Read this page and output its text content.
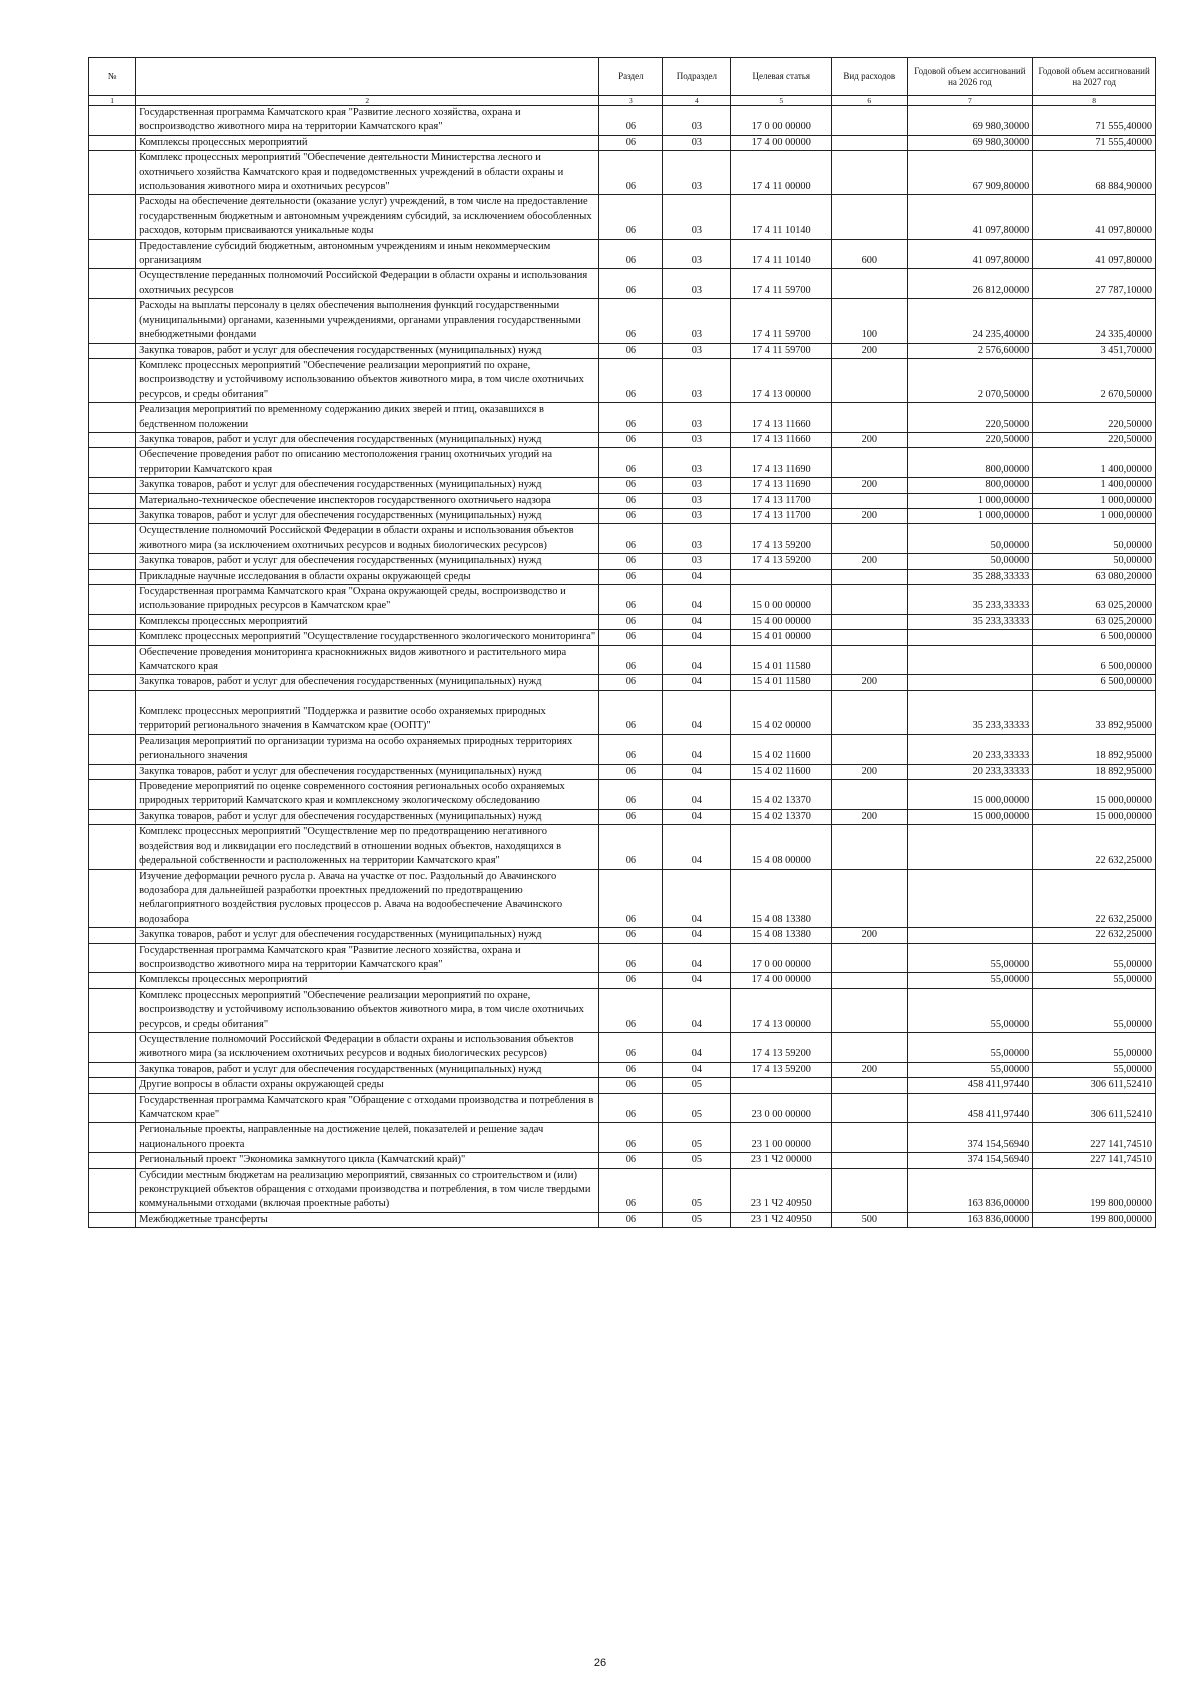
№		Раздел	Подраздел	Целевая статья	Вид расходов	Годовой объем ассигнований на 2026 год	Годовой объем ассигнований на 2027 год
1	2	3	4	5	6	7	8
	Государственная программа Камчатского края "Развитие лесного хозяйства, охрана и воспроизводство животного мира на территории Камчатского края"	06	03	17 0 00 00000		69 980,30000	71 555,40000
	Комплексы процессных мероприятий	06	03	17 4 00 00000		69 980,30000	71 555,40000
	Комплекс процессных мероприятий "Обеспечение деятельности Министерства лесного и охотничьего хозяйства Камчатского края и подведомственных учреждений в области охраны и использования животного мира и охотничьих ресурсов"	06	03	17 4 11 00000		67 909,80000	68 884,90000
	Расходы на обеспечение деятельности (оказание услуг) учреждений, в том числе на предоставление государственным бюджетным и автономным учреждениям субсидий, за исключением обособленных расходов, которым присваиваются уникальные коды	06	03	17 4 11 10140		41 097,80000	41 097,80000
	Предоставление субсидий бюджетным, автономным учреждениям и иным некоммерческим организациям	06	03	17 4 11 10140	600	41 097,80000	41 097,80000
	Осуществление переданных полномочий Российской Федерации в области охраны и использования охотничьих ресурсов	06	03	17 4 11 59700		26 812,00000	27 787,10000
	Расходы на выплаты персоналу в целях обеспечения выполнения функций государственными (муниципальными) органами, казенными учреждениями, органами управления государственными внебюджетными фондами	06	03	17 4 11 59700	100	24 235,40000	24 335,40000
	Закупка товаров, работ и услуг для обеспечения государственных (муниципальных) нужд	06	03	17 4 11 59700	200	2 576,60000	3 451,70000
	Комплекс процессных мероприятий "Обеспечение реализации мероприятий по охране, воспроизводству и устойчивому использованию объектов животного мира, в том числе охотничьих ресурсов, и среды обитания"	06	03	17 4 13 00000		2 070,50000	2 670,50000
	Реализация мероприятий по временному содержанию диких зверей и птиц, оказавшихся в бедственном положении	06	03	17 4 13 11660		220,50000	220,50000
	Закупка товаров, работ и услуг для обеспечения государственных (муниципальных) нужд	06	03	17 4 13 11660	200	220,50000	220,50000
	Обеспечение проведения работ по описанию местоположения границ охотничьих угодий на территории Камчатского края	06	03	17 4 13 11690		800,00000	1 400,00000
	Закупка товаров, работ и услуг для обеспечения государственных (муниципальных) нужд	06	03	17 4 13 11690	200	800,00000	1 400,00000
	Материально-техническое обеспечение инспекторов государственного охотничьего надзора	06	03	17 4 13 11700		1 000,00000	1 000,00000
	Закупка товаров, работ и услуг для обеспечения государственных (муниципальных) нужд	06	03	17 4 13 11700	200	1 000,00000	1 000,00000
	Осуществление полномочий Российской Федерации в области охраны и использования объектов животного мира (за исключением охотничьих ресурсов и водных биологических ресурсов)	06	03	17 4 13 59200		50,00000	50,00000
	Закупка товаров, работ и услуг для обеспечения государственных (муниципальных) нужд	06	03	17 4 13 59200	200	50,00000	50,00000
	Прикладные научные исследования в области охраны окружающей среды	06	04			35 288,33333	63 080,20000
	Государственная программа Камчатского края "Охрана окружающей среды, воспроизводство и использование природных ресурсов в Камчатском крае"	06	04	15 0 00 00000		35 233,33333	63 025,20000
	Комплексы процессных мероприятий	06	04	15 4 00 00000		35 233,33333	63 025,20000
	Комплекс процессных мероприятий "Осуществление государственного экологического мониторинга"	06	04	15 4 01 00000			6 500,00000
	Обеспечение проведения мониторинга краснокнижных видов животного и растительного мира Камчатского края	06	04	15 4 01 11580			6 500,00000
	Закупка товаров, работ и услуг для обеспечения государственных (муниципальных) нужд	06	04	15 4 01 11580	200		6 500,00000
	Комплекс процессных мероприятий "Поддержка и развитие особо охраняемых природных территорий регионального значения в Камчатском крае (ООПТ)"	06	04	15 4 02 00000		35 233,33333	33 892,95000
	Реализация мероприятий по организации туризма на особо охраняемых природных территориях регионального значения	06	04	15 4 02 11600		20 233,33333	18 892,95000
	Закупка товаров, работ и услуг для обеспечения государственных (муниципальных) нужд	06	04	15 4 02 11600	200	20 233,33333	18 892,95000
	Проведение мероприятий по оценке современного состояния региональных особо охраняемых природных территорий Камчатского края и комплексному экологическому обследованию	06	04	15 4 02 13370		15 000,00000	15 000,00000
	Закупка товаров, работ и услуг для обеспечения государственных (муниципальных) нужд	06	04	15 4 02 13370	200	15 000,00000	15 000,00000
	Комплекс процессных мероприятий "Осуществление мер по предотвращению негативного воздействия вод и ликвидации его последствий в отношении водных объектов, находящихся в федеральной собственности и расположенных на территории Камчатского края"	06	04	15 4 08 00000			22 632,25000
	Изучение деформации речного русла р. Авача на участке от пос. Раздольный до Авачинского водозабора для дальнейшей разработки проектных предложений по предотвращению неблагоприятного воздействия русловых процессов р. Авача на водообеспечение Авачинского водозабора	06	04	15 4 08 13380			22 632,25000
	Закупка товаров, работ и услуг для обеспечения государственных (муниципальных) нужд	06	04	15 4 08 13380	200		22 632,25000
	Государственная программа Камчатского края "Развитие лесного хозяйства, охрана и воспроизводство животного мира на территории Камчатского края"	06	04	17 0 00 00000		55,00000	55,00000
	Комплексы процессных мероприятий	06	04	17 4 00 00000		55,00000	55,00000
	Комплекс процессных мероприятий "Обеспечение реализации мероприятий по охране, воспроизводству и устойчивому использованию объектов животного мира, в том числе охотничьих ресурсов, и среды обитания"	06	04	17 4 13 00000		55,00000	55,00000
	Осуществление полномочий Российской Федерации в области охраны и использования объектов животного мира (за исключением охотничьих ресурсов и водных биологических ресурсов)	06	04	17 4 13 59200		55,00000	55,00000
	Закупка товаров, работ и услуг для обеспечения государственных (муниципальных) нужд	06	04	17 4 13 59200	200	55,00000	55,00000
	Другие вопросы в области охраны окружающей среды	06	05			458 411,97440	306 611,52410
	Государственная программа Камчатского края "Обращение с отходами производства и потребления в Камчатском крае"	06	05	23 0 00 00000		458 411,97440	306 611,52410
	Региональные проекты, направленные на достижение целей, показателей и решение задач национального проекта	06	05	23 1 00 00000		374 154,56940	227 141,74510
	Региональный проект "Экономика замкнутого цикла (Камчатский край)"	06	05	23 1 Ч2 00000		374 154,56940	227 141,74510
	Субсидии местным бюджетам на реализацию мероприятий, связанных со строительством и (или) реконструкцией объектов обращения с отходами производства и потребления, в том числе твердыми коммунальными отходами (включая проектные работы)	06	05	23 1 Ч2 40950		163 836,00000	199 800,00000
	Межбюджетные трансферты	06	05	23 1 Ч2 40950	500	163 836,00000	199 800,00000
26
